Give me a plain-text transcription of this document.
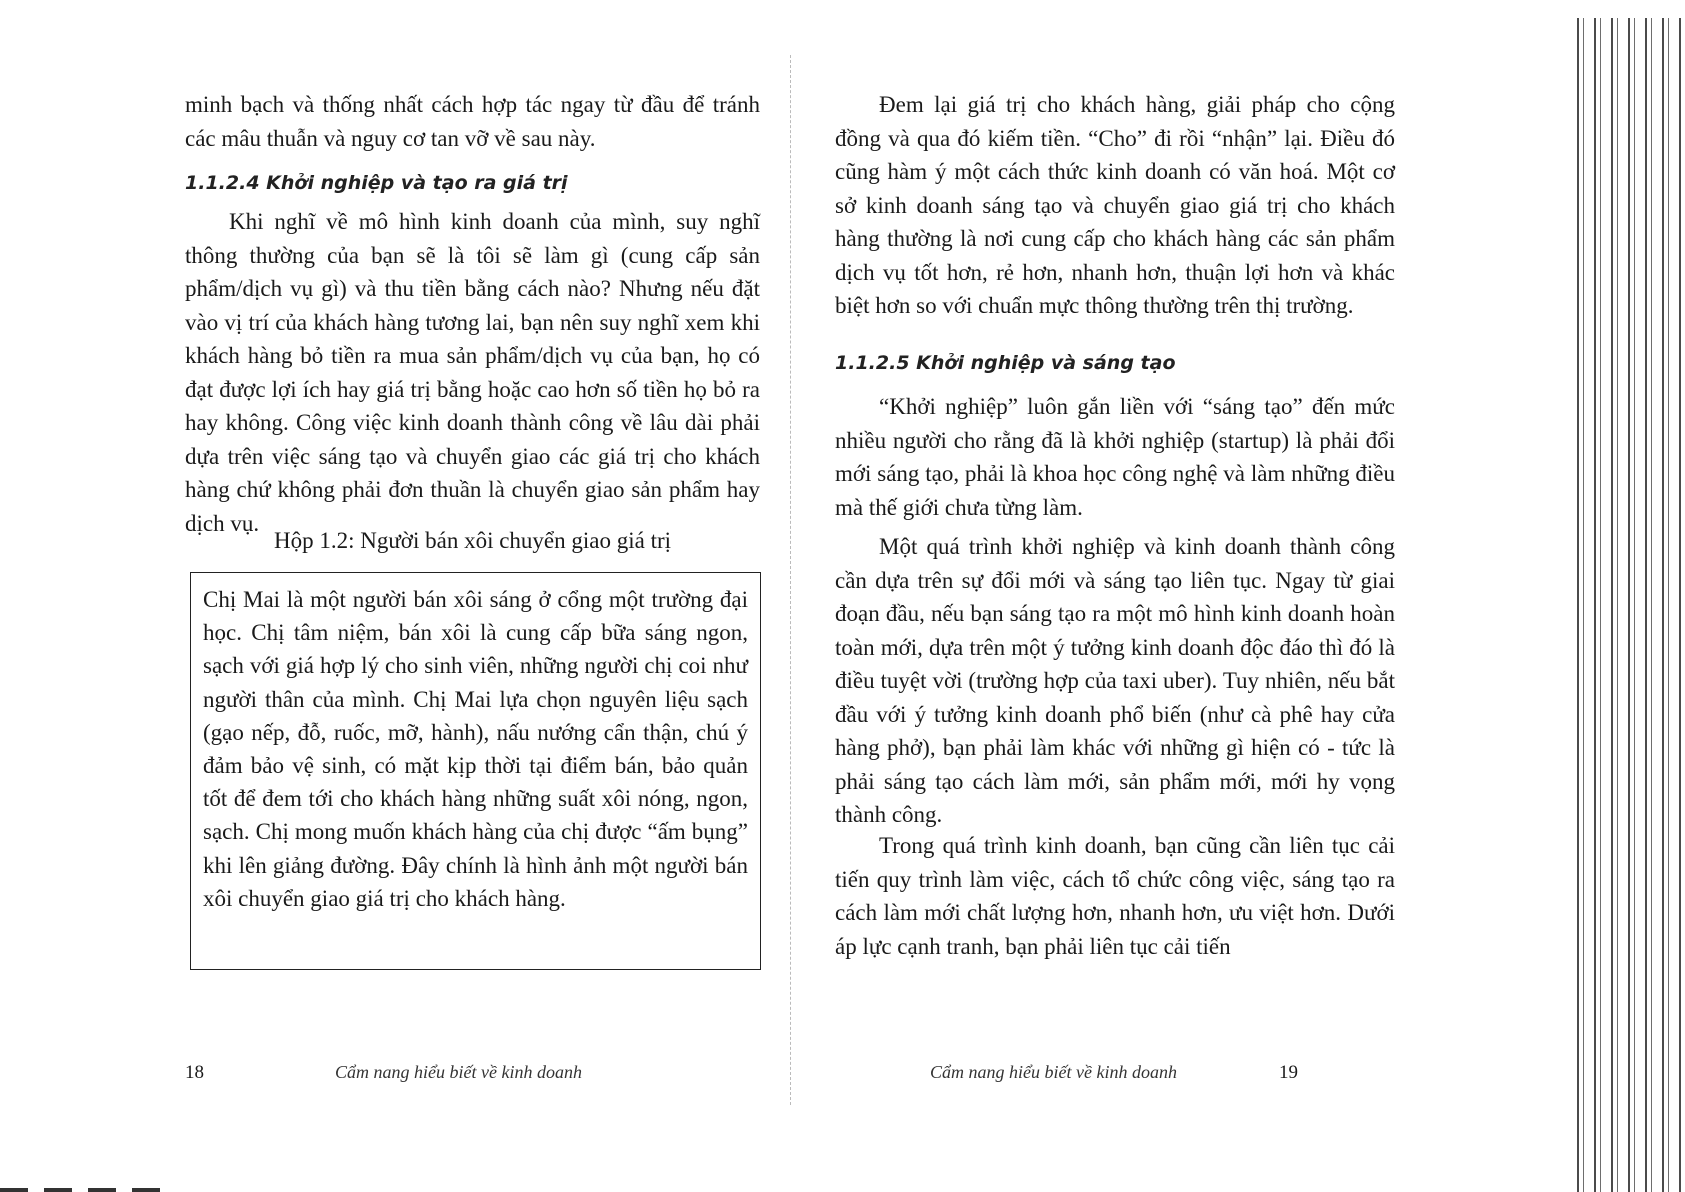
minh bạch và thống nhất cách hợp tác ngay từ đầu để tránh các mâu thuẫn và nguy cơ tan vỡ về sau này.

1.1.2.4 Khởi nghiệp và tạo ra giá trị

Khi nghĩ về mô hình kinh doanh của mình, suy nghĩ thông thường của bạn sẽ là tôi sẽ làm gì (cung cấp sản phẩm/dịch vụ gì) và thu tiền bằng cách nào? Nhưng nếu đặt vào vị trí của khách hàng tương lai, bạn nên suy nghĩ xem khi khách hàng bỏ tiền ra mua sản phẩm/dịch vụ của bạn, họ có đạt được lợi ích hay giá trị bằng hoặc cao hơn số tiền họ bỏ ra hay không. Công việc kinh doanh thành công về lâu dài phải dựa trên việc sáng tạo và chuyển giao các giá trị cho khách hàng chứ không phải đơn thuần là chuyển giao sản phẩm hay dịch vụ.

Hộp 1.2: Người bán xôi chuyển giao giá trị
Chị Mai là một người bán xôi sáng ở cổng một trường đại học. Chị tâm niệm, bán xôi là cung cấp bữa sáng ngon, sạch với giá hợp lý cho sinh viên, những người chị coi như người thân của mình. Chị Mai lựa chọn nguyên liệu sạch (gạo nếp, đỗ, ruốc, mỡ, hành), nấu nướng cẩn thận, chú ý đảm bảo vệ sinh, có mặt kịp thời tại điểm bán, bảo quản tốt để đem tới cho khách hàng những suất xôi nóng, ngon, sạch. Chị mong muốn khách hàng của chị được “ấm bụng” khi lên giảng đường. Đây chính là hình ảnh một người bán xôi chuyển giao giá trị cho khách hàng.
18	Cẩm nang hiểu biết về kinh doanh

Đem lại giá trị cho khách hàng, giải pháp cho cộng đồng và qua đó kiếm tiền. “Cho” đi rồi “nhận” lại. Điều đó cũng hàm ý một cách thức kinh doanh có văn hoá. Một cơ sở kinh doanh sáng tạo và chuyển giao giá trị cho khách hàng thường là nơi cung cấp cho khách hàng các sản phẩm dịch vụ tốt hơn, rẻ hơn, nhanh hơn, thuận lợi hơn và khác biệt hơn so với chuẩn mực thông thường trên thị trường.

1.1.2.5 Khởi nghiệp và sáng tạo

“Khởi nghiệp” luôn gắn liền với “sáng tạo” đến mức nhiều người cho rằng đã là khởi nghiệp (startup) là phải đổi mới sáng tạo, phải là khoa học công nghệ và làm những điều mà thế giới chưa từng làm.

Một quá trình khởi nghiệp và kinh doanh thành công cần dựa trên sự đổi mới và sáng tạo liên tục. Ngay từ giai đoạn đầu, nếu bạn sáng tạo ra một mô hình kinh doanh hoàn toàn mới, dựa trên một ý tưởng kinh doanh độc đáo thì đó là điều tuyệt vời (trường hợp của taxi uber). Tuy nhiên, nếu bắt đầu với ý tưởng kinh doanh phổ biến (như cà phê hay cửa hàng phở), bạn phải làm khác với những gì hiện có - tức là phải sáng tạo cách làm mới, sản phẩm mới, mới hy vọng thành công.

Trong quá trình kinh doanh, bạn cũng cần liên tục cải tiến quy trình làm việc, cách tổ chức công việc, sáng tạo ra cách làm mới chất lượng hơn, nhanh hơn, ưu việt hơn. Dưới áp lực cạnh tranh, bạn phải liên tục cải tiến

Cẩm nang hiểu biết về kinh doanh	19
